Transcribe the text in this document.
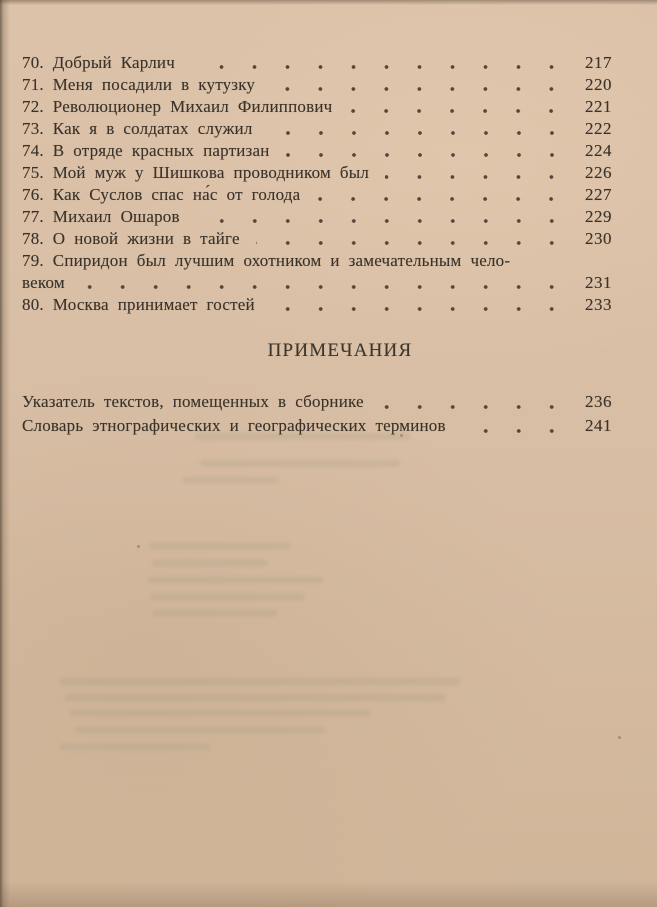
70. Добрый Карлич	217
71. Меня посадили в кутузку	220
72. Революционер Михаил Филиппович	221
73. Как я в солдатах служил	222
74. В отряде красных партизан	224
75. Мой муж у Шишкова проводником был	226
76. Как Суслов спас на́с от голода	227
77. Михаил Ошаров	229
78. О новой жизни в тайге	230
79. Спиридон был лучшим охотником и замечательным чело-
веком	231
80. Москва принимает гостей	233
ПРИМЕЧАНИЯ
Указатель текстов, помещенных в сборнике	236
Словарь этнографических и географических терминов	241
